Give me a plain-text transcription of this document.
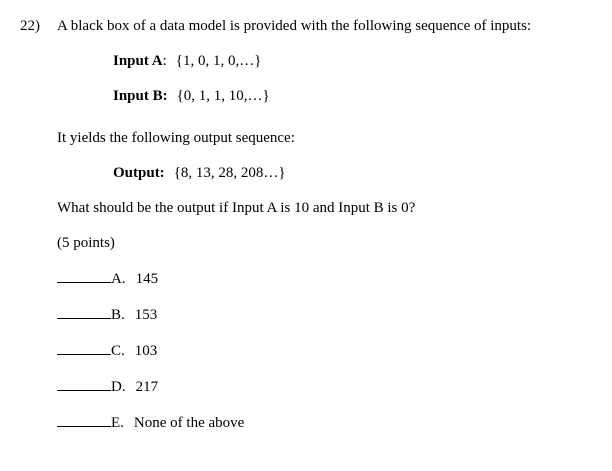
22)	A black box of a data model is provided with the following sequence of inputs:
Input A: {1, 0, 1, 0,…}
Input B: {0, 1, 1, 10,…}
It yields the following output sequence:
Output: {8, 13, 28, 208…}
What should be the output if Input A is 10 and Input B is 0?
(5 points)
A. 145
B. 153
C. 103
D. 217
E. None of the above
